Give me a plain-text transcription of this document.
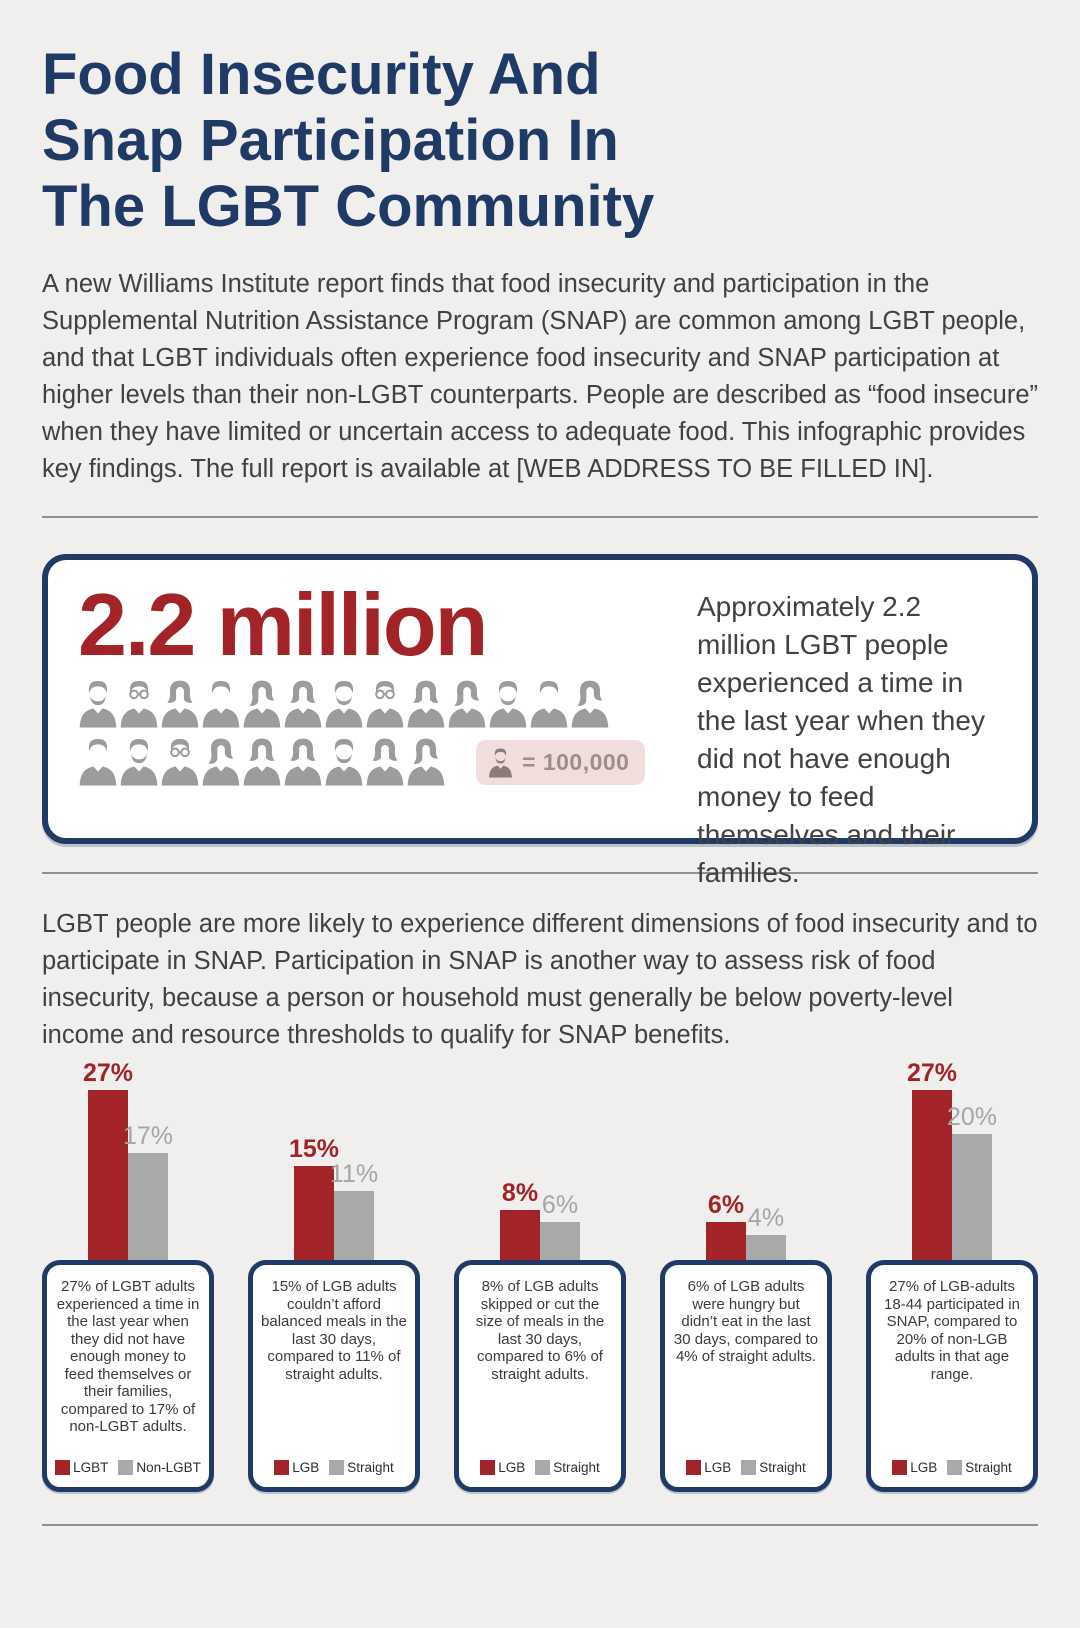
Food Insecurity And
Snap Participation In
The LGBT Community

A new Williams Institute report finds that food insecurity and participation in the Supplemental Nutrition Assistance Program (SNAP) are common among LGBT people, and that LGBT individuals often experience food insecurity and SNAP participation at higher levels than their non-LGBT counterparts. People are described as “food insecure” when they have limited or uncertain access to adequate food. This infographic provides key findings. The full report is available at [WEB ADDRESS TO BE FILLED IN].

2.2 million
= 100,000
Approximately 2.2 million LGBT people experienced a time in the last year when they did not have enough money to feed themselves and their families.

LGBT people are more likely to experience different dimensions of food insecurity and to participate in SNAP. Participation in SNAP is another way to assess risk of food insecurity, because a person or household must generally be below poverty-level income and resource thresholds to qualify for SNAP benefits.

27%
17%

27% of LGBT adults experienced a time in the last year when they did not have enough money to feed themselves or their families, compared to 17% of non-LGBT adults.

LGBT Non-LGBT
15%
11%

15% of LGB adults couldn’t afford balanced meals in the last 30 days, compared to 11% of straight adults.

LGB Straight
8% 6%

8% of LGB adults skipped or cut the size of meals in the last 30 days, compared to 6% of straight adults.

LGB Straight
6% 4%

6% of LGB adults were hungry but didn’t eat in the last 30 days, compared to 4% of straight adults.

LGB Straight
27%
20%

27% of LGB-adults 18-44 participated in SNAP, compared to 20% of non-LGB adults in that age range.

LGB Straight
